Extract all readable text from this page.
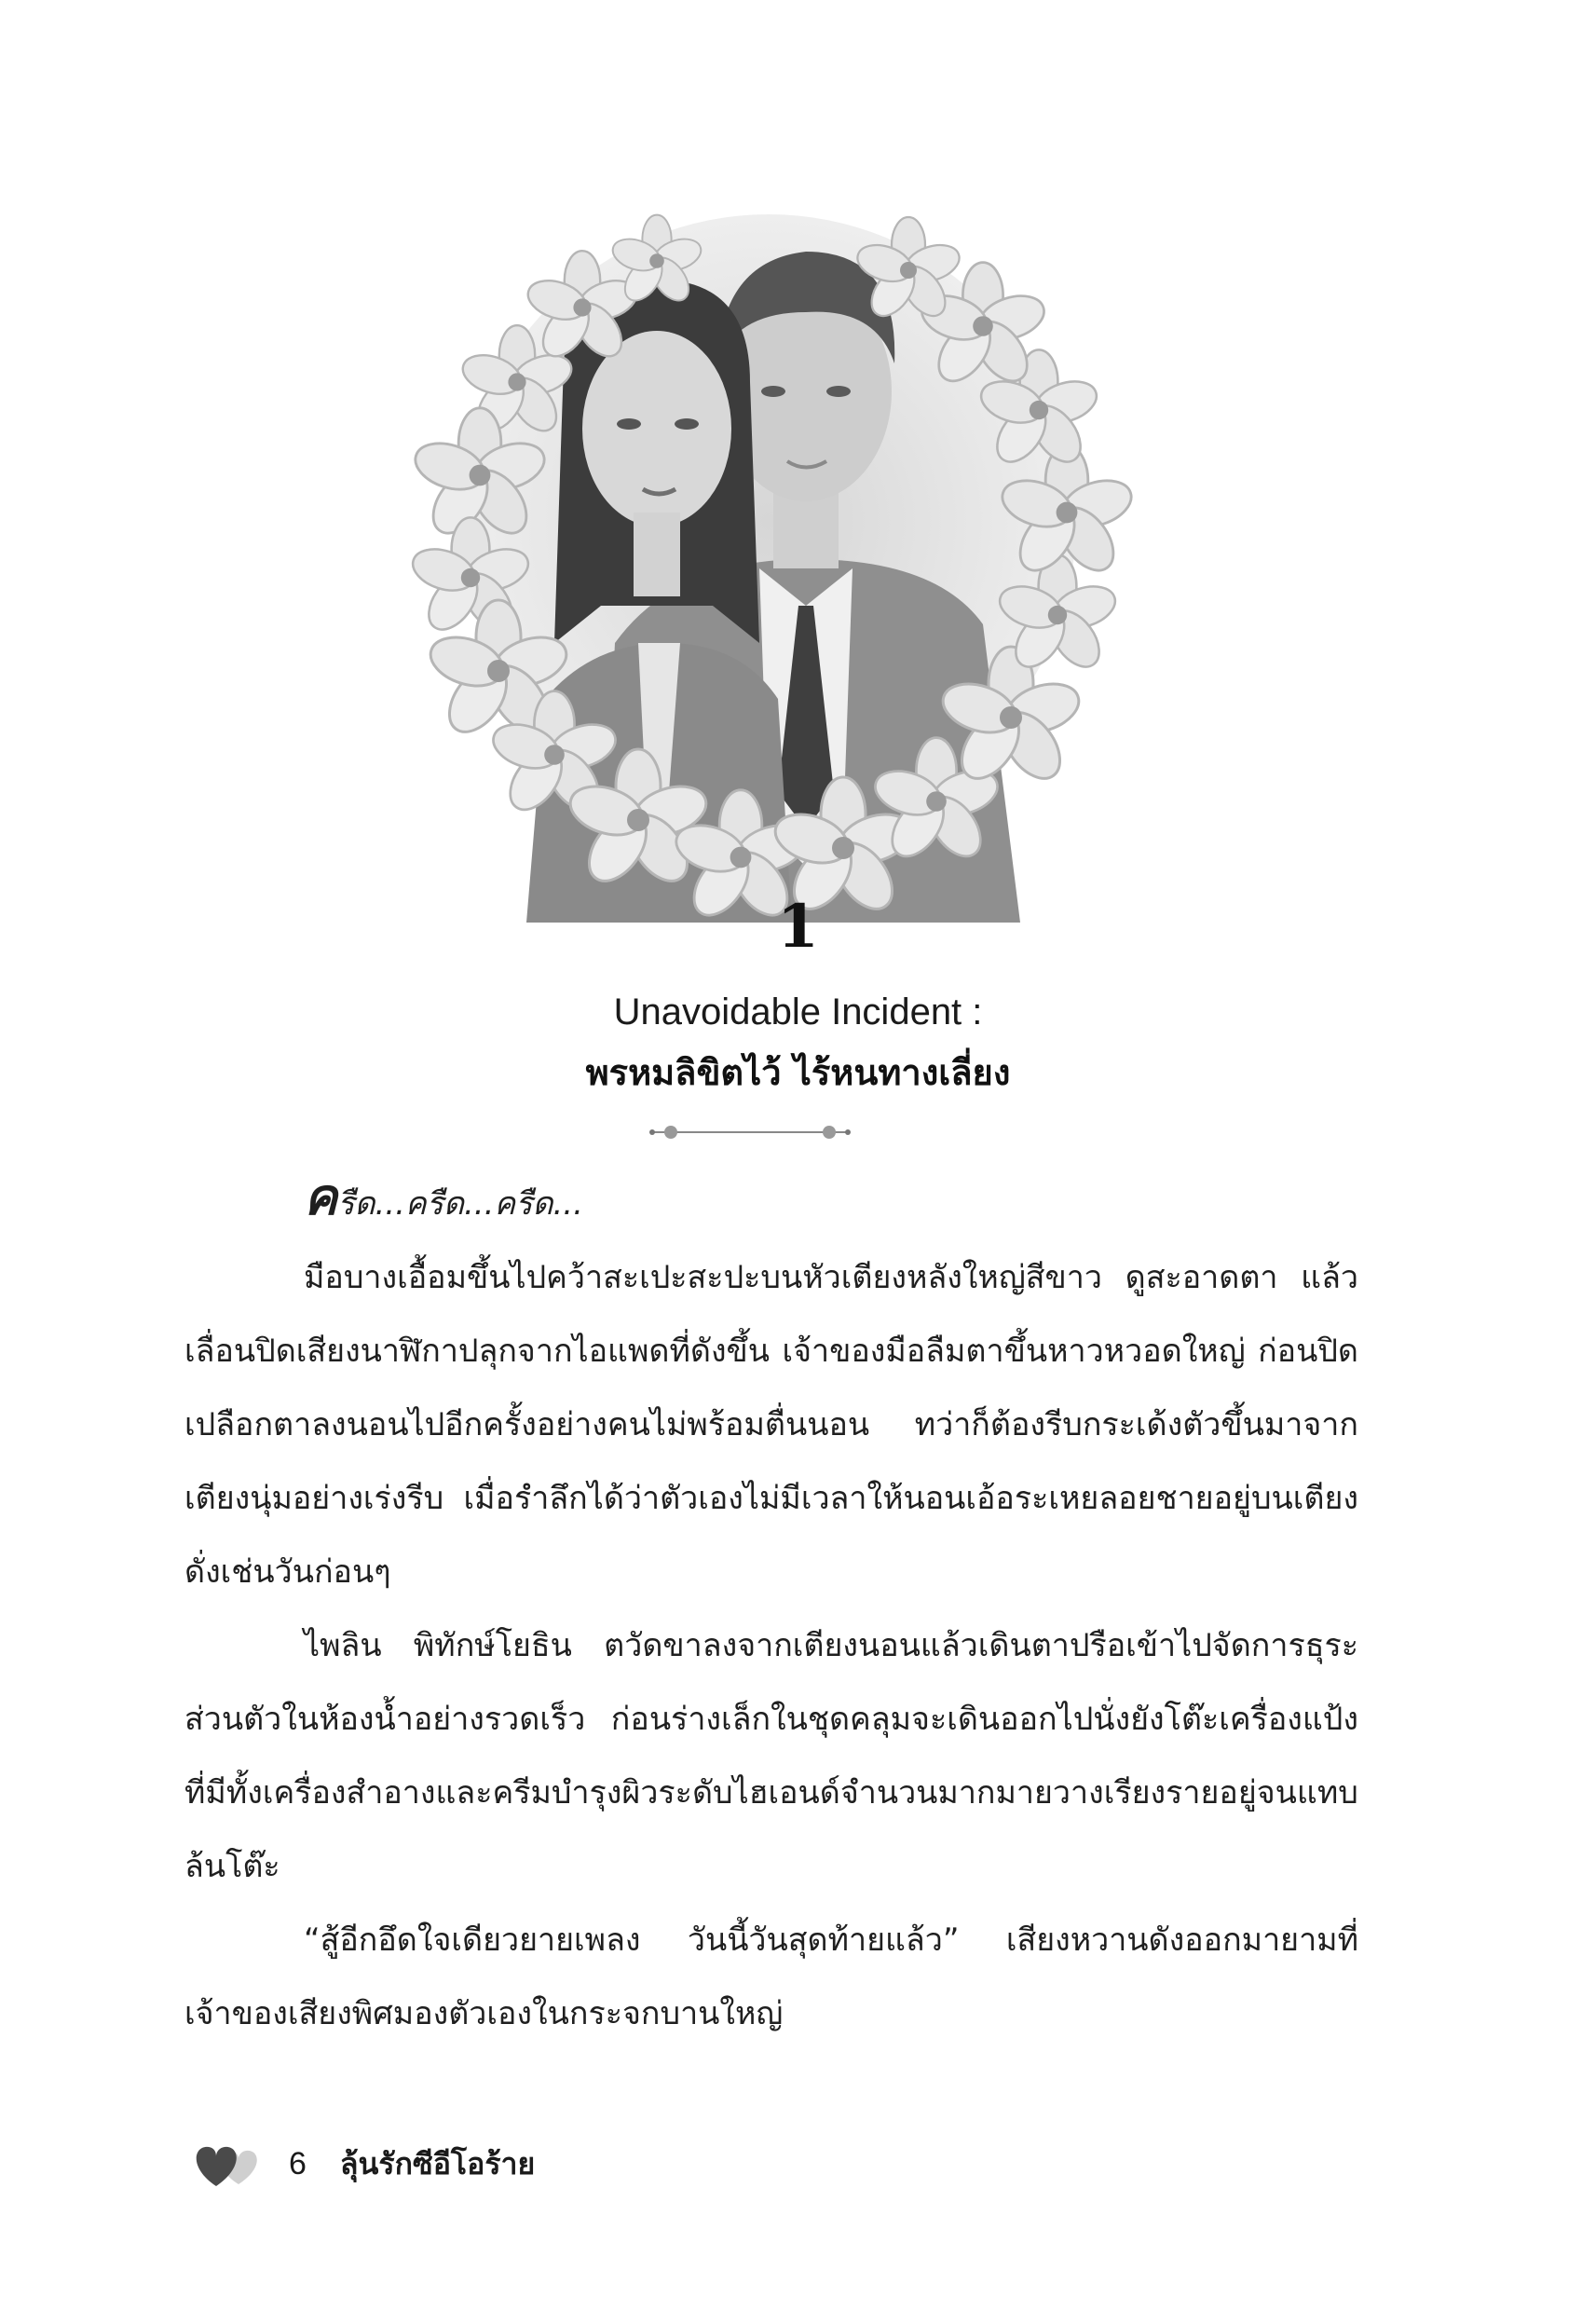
1
Unavoidable Incident :
พรหมลิขิตไว้ ไร้หนทางเลี่ยง

ครืด...ครืด...ครืด...

มือบางเอื้อมขึ้นไปคว้าสะเปะสะปะบนหัวเตียงหลังใหญ่สีขาว ดูสะอาดตา แล้วเลื่อนปิดเสียงนาฬิกาปลุกจากไอแพดที่ดังขึ้น เจ้าของมือลืมตาขึ้นหาวหวอดใหญ่ ก่อนปิดเปลือกตาลงนอนไปอีกครั้งอย่างคนไม่พร้อมตื่นนอน ทว่าก็ต้องรีบกระเด้งตัวขึ้นมาจากเตียงนุ่มอย่างเร่งรีบ เมื่อรำลึกได้ว่าตัวเองไม่มีเวลาให้นอนเอ้อระเหยลอยชายอยู่บนเตียงดั่งเช่นวันก่อนๆ

ไพลิน พิทักษ์โยธิน ตวัดขาลงจากเตียงนอนแล้วเดินตาปรือเข้าไปจัดการธุระส่วนตัวในห้องน้ำอย่างรวดเร็ว ก่อนร่างเล็กในชุดคลุมจะเดินออกไปนั่งยังโต๊ะเครื่องแป้งที่มีทั้งเครื่องสำอางและครีมบำรุงผิวระดับไฮเอนด์จำนวนมากมายวางเรียงรายอยู่จนแทบล้นโต๊ะ

“สู้อีกอึดใจเดียวยายเพลง วันนี้วันสุดท้ายแล้ว” เสียงหวานดังออกมายามที่เจ้าของเสียงพิศมองตัวเองในกระจกบานใหญ่

6 ลุ้นรักซีอีโอร้าย
